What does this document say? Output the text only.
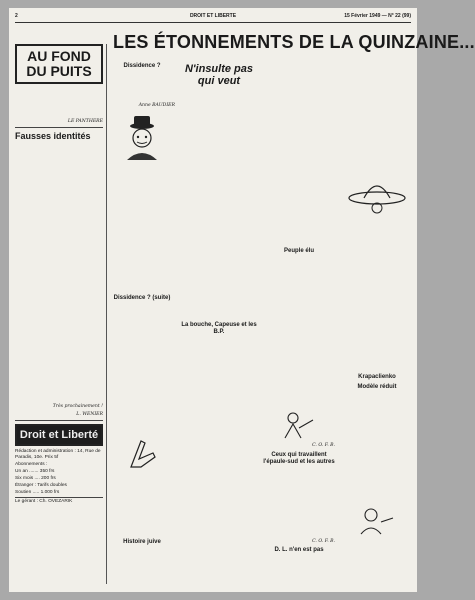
2	DROIT ET LIBERTE	15 Février 1949 — N° 22 (99)
LES ÉTONNEMENTS DE LA QUINZAINE...
AU FOND
DU PUITS
LE PANTHERE
Fausses identités
Très prochainement !
L. WENIER
Droit et Liberté
Rédaction et administration : 14, Rue de Paradis, 10e. Prix 5f
Abonnements :
Un an ....... 350 frs
Six mois .... 200 frs
Étranger : Tarifs doubles
Soutien ..... 1.000 frs
Le gérant : Ch. OVEZARIK
Dissidence ?
Anne BAUDIER
Dissidence ? (suite)
Histoire juive
N'insulte pas qui veut
La bouche, Capeuse et les B.P.
Peuple élu
C. O. F. B.
Ceux qui travaillent l'épaule-sud et les autres
C. O. F. B.
D. L. n'en est pas
Krapaclienko
Modèle réduit
